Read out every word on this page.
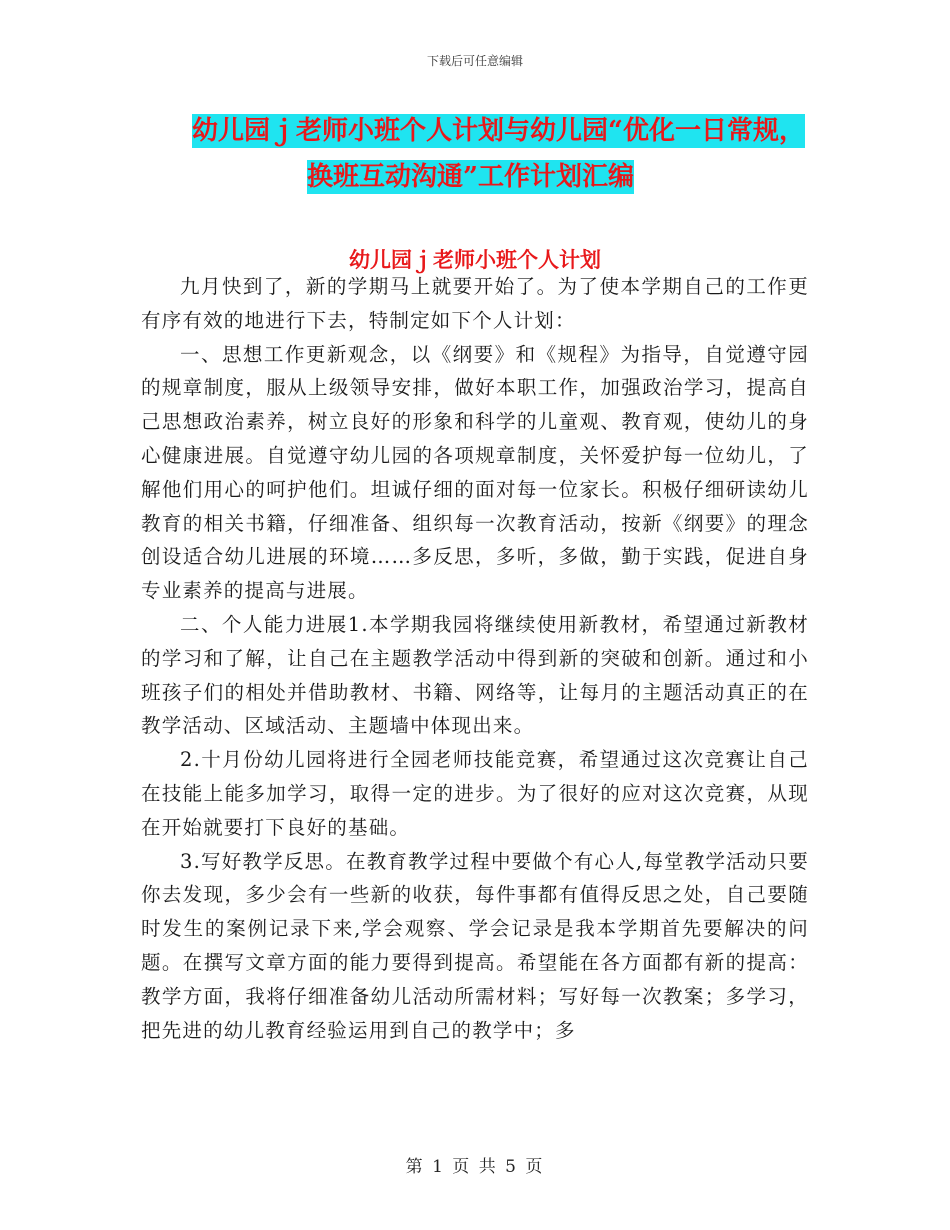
下载后可任意编辑
幼儿园ｊ老师小班个人计划与幼儿园“优化一日常规，
换班互动沟通”工作计划汇编
幼儿园ｊ老师小班个人计划

九月快到了，新的学期马上就要开始了。为了使本学期自己的工作更有序有效的地进行下去，特制定如下个人计划：

一、思想工作更新观念，以《纲要》和《规程》为指导，自觉遵守园的规章制度，服从上级领导安排，做好本职工作，加强政治学习，提高自己思想政治素养，树立良好的形象和科学的儿童观、教育观，使幼儿的身心健康进展。自觉遵守幼儿园的各项规章制度，关怀爱护每一位幼儿，了解他们用心的呵护他们。坦诚仔细的面对每一位家长。积极仔细研读幼儿教育的相关书籍，仔细准备、组织每一次教育活动，按新《纲要》的理念创设适合幼儿进展的环境……多反思，多听，多做，勤于实践，促进自身专业素养的提高与进展。

二、个人能力进展1.本学期我园将继续使用新教材，希望通过新教材的学习和了解，让自己在主题教学活动中得到新的突破和创新。通过和小班孩子们的相处并借助教材、书籍、网络等，让每月的主题活动真正的在教学活动、区域活动、主题墙中体现出来。

2.十月份幼儿园将进行全园老师技能竞赛，希望通过这次竞赛让自己在技能上能多加学习，取得一定的进步。为了很好的应对这次竞赛，从现在开始就要打下良好的基础。

3.写好教学反思。在教育教学过程中要做个有心人,每堂教学活动只要你去发现，多少会有一些新的收获，每件事都有值得反思之处，自己要随时发生的案例记录下来,学会观察、学会记录是我本学期首先要解决的问题。在撰写文章方面的能力要得到提高。希望能在各方面都有新的提高：教学方面，我将仔细准备幼儿活动所需材料；写好每一次教案；多学习，把先进的幼儿教育经验运用到自己的教学中；多

第 1 页 共 5 页
